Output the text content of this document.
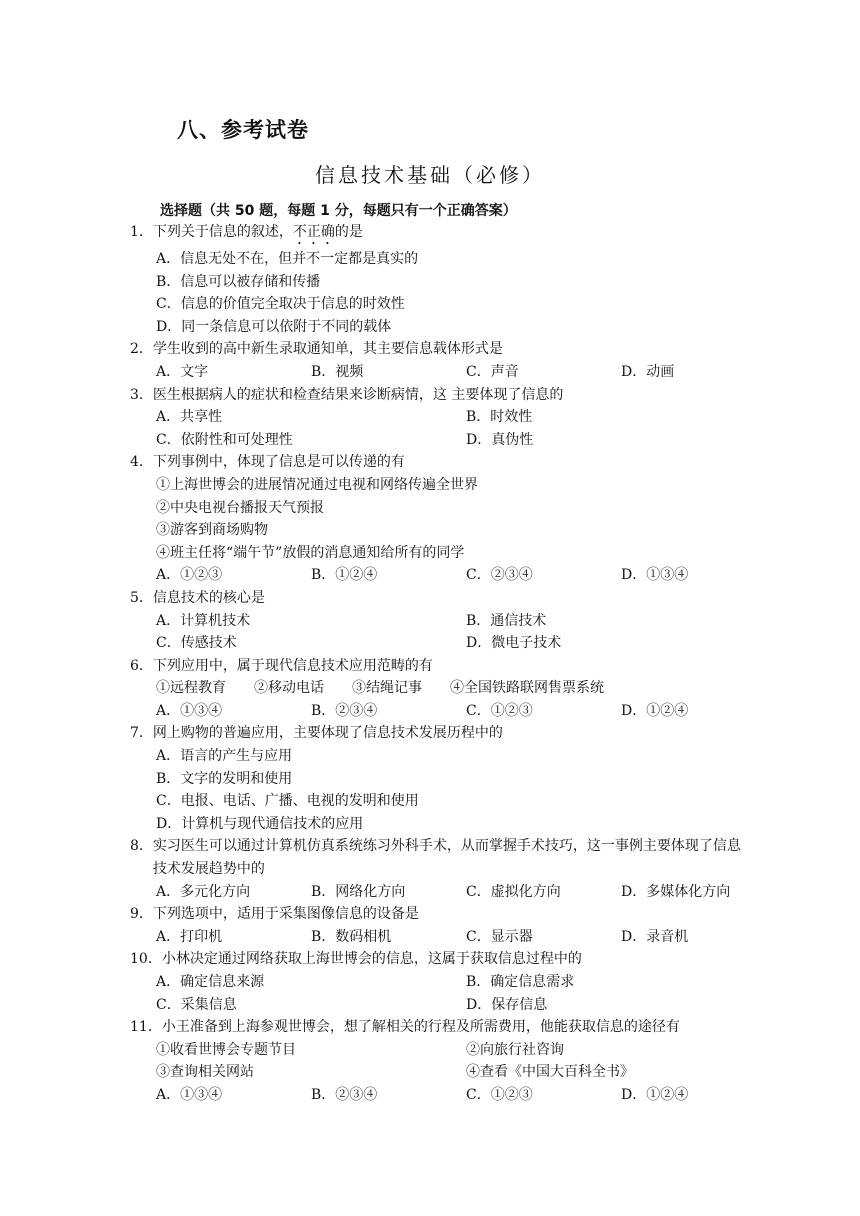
八、参考试卷
信息技术基础（必修）
选择题（共 50 题，每题 1 分，每题只有一个正确答案）
1． 下列关于信息的叙述，不正确的是
A．信息无处不在，但并不一定都是真实的
B．信息可以被存储和传播
C．信息的价值完全取决于信息的时效性
D．同一条信息可以依附于不同的载体
2． 学生收到的高中新生录取通知单，其主要信息载体形式是
A．文字	B．视频	C．声音	D．动画
3． 医生根据病人的症状和检查结果来诊断病情，这 主要体现了信息的
A．共享性	B．时效性
C．依附性和可处理性	D．真伪性
4． 下列事例中，体现了信息是可以传递的有
①上海世博会的进展情况通过电视和网络传遍全世界
②中央电视台播报天气预报
③游客到商场购物
④班主任将“端午节”放假的消息通知给所有的同学
A．①②③	B．①②④	C．②③④	D．①③④
5． 信息技术的核心是
A．计算机技术	B．通信技术
C．传感技术	D．微电子技术
6． 下列应用中，属于现代信息技术应用范畴的有
①远程教育 ②移动电话 ③结绳记事 ④全国铁路联网售票系统
A．①③④	B．②③④	C．①②③	D．①②④
7． 网上购物的普遍应用，主要体现了信息技术发展历程中的
A．语言的产生与应用
B．文字的发明和使用
C．电报、电话、广播、电视的发明和使用
D．计算机与现代通信技术的应用
8． 实习医生可以通过计算机仿真系统练习外科手术，从而掌握手术技巧，这一事例主要体现了信息技术发展趋势中的
A．多元化方向	B．网络化方向	C．虚拟化方向	D．多媒体化方向
9． 下列选项中，适用于采集图像信息的设备是
A．打印机	B．数码相机	C．显示器	D．录音机
10． 小林决定通过网络获取上海世博会的信息，这属于获取信息过程中的
A．确定信息来源	B．确定信息需求
C．采集信息	D．保存信息
11． 小王准备到上海参观世博会，想了解相关的行程及所需费用，他能获取信息的途径有
①收看世博会专题节目	②向旅行社咨询
③查询相关网站	④查看《中国大百科全书》
A．①③④	B．②③④	C．①②③	D．①②④
